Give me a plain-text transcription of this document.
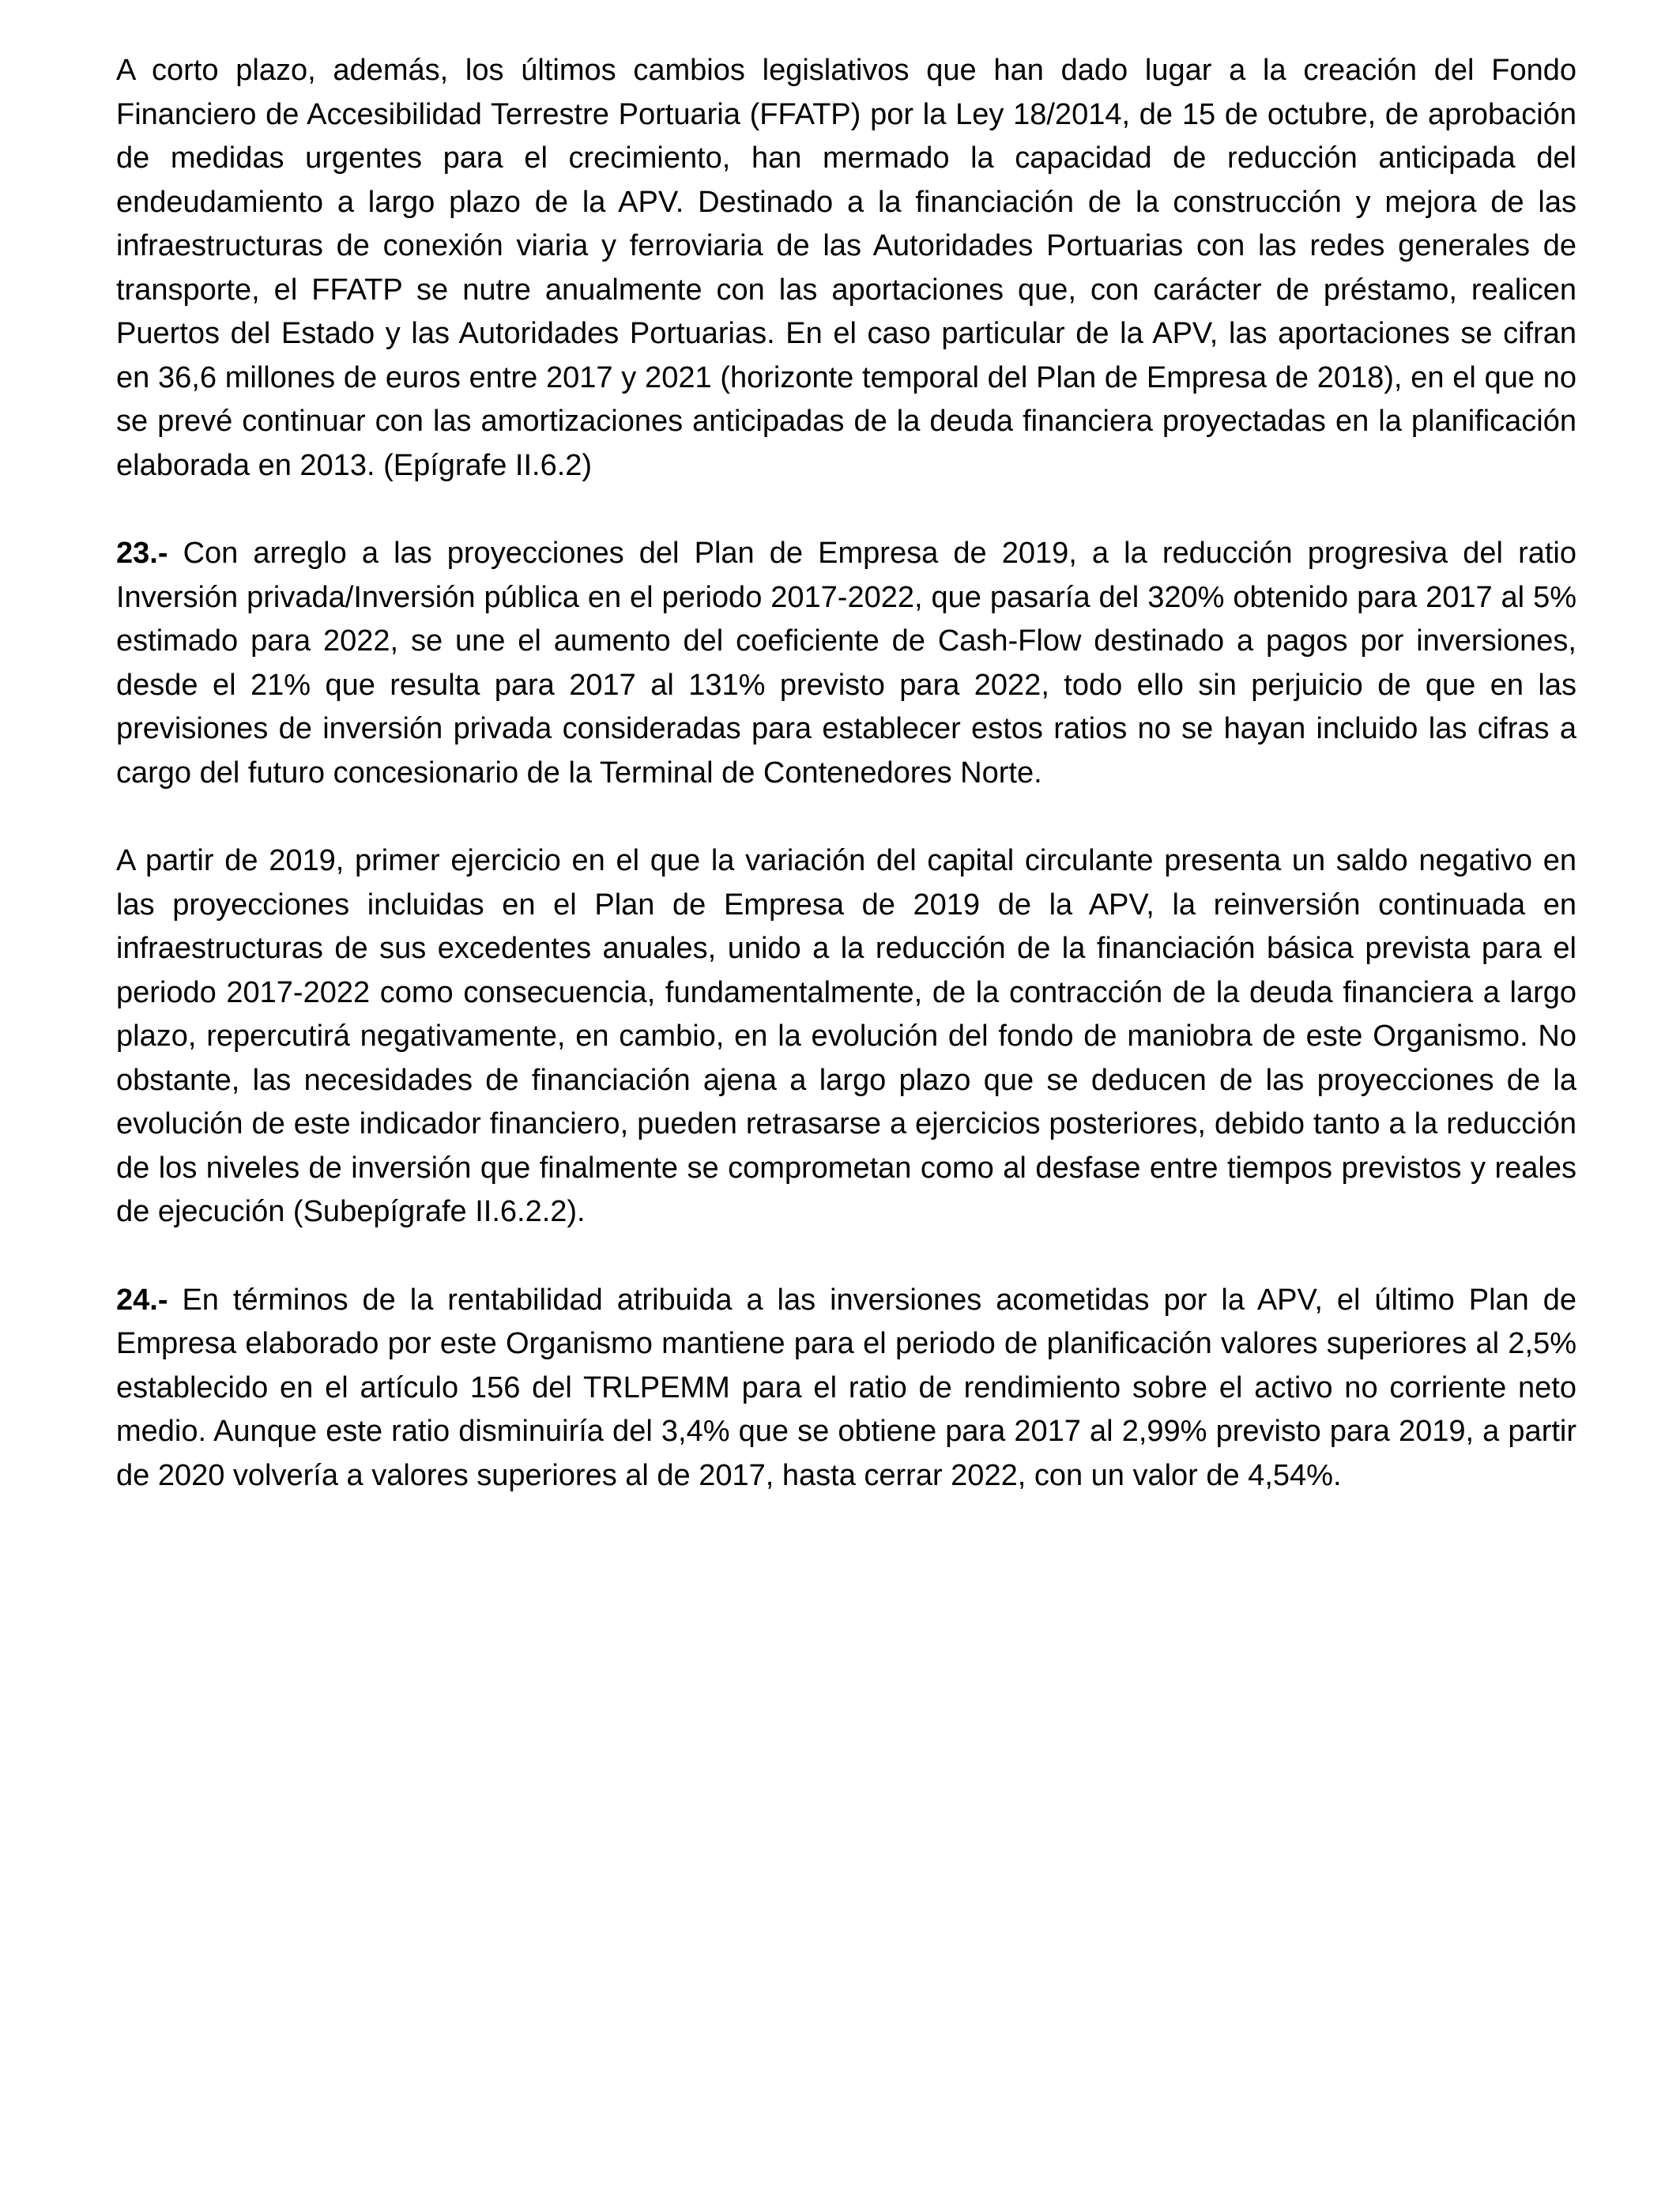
A corto plazo, además, los últimos cambios legislativos que han dado lugar a la creación del Fondo Financiero de Accesibilidad Terrestre Portuaria (FFATP) por la Ley 18/2014, de 15 de octubre, de aprobación de medidas urgentes para el crecimiento, han mermado la capacidad de reducción anticipada del endeudamiento a largo plazo de la APV. Destinado a la financiación de la construcción y mejora de las infraestructuras de conexión viaria y ferroviaria de las Autoridades Portuarias con las redes generales de transporte, el FFATP se nutre anualmente con las aportaciones que, con carácter de préstamo, realicen Puertos del Estado y las Autoridades Portuarias. En el caso particular de la APV, las aportaciones se cifran en 36,6 millones de euros entre 2017 y 2021 (horizonte temporal del Plan de Empresa de 2018), en el que no se prevé continuar con las amortizaciones anticipadas de la deuda financiera proyectadas en la planificación elaborada en 2013. (Epígrafe II.6.2)

23.- Con arreglo a las proyecciones del Plan de Empresa de 2019, a la reducción progresiva del ratio Inversión privada/Inversión pública en el periodo 2017-2022, que pasaría del 320% obtenido para 2017 al 5% estimado para 2022, se une el aumento del coeficiente de Cash-Flow destinado a pagos por inversiones, desde el 21% que resulta para 2017 al 131% previsto para 2022, todo ello sin perjuicio de que en las previsiones de inversión privada consideradas para establecer estos ratios no se hayan incluido las cifras a cargo del futuro concesionario de la Terminal de Contenedores Norte.

A partir de 2019, primer ejercicio en el que la variación del capital circulante presenta un saldo negativo en las proyecciones incluidas en el Plan de Empresa de 2019 de la APV, la reinversión continuada en infraestructuras de sus excedentes anuales, unido a la reducción de la financiación básica prevista para el periodo 2017-2022 como consecuencia, fundamentalmente, de la contracción de la deuda financiera a largo plazo, repercutirá negativamente, en cambio, en la evolución del fondo de maniobra de este Organismo. No obstante, las necesidades de financiación ajena a largo plazo que se deducen de las proyecciones de la evolución de este indicador financiero, pueden retrasarse a ejercicios posteriores, debido tanto a la reducción de los niveles de inversión que finalmente se comprometan como al desfase entre tiempos previstos y reales de ejecución (Subepígrafe II.6.2.2).

24.- En términos de la rentabilidad atribuida a las inversiones acometidas por la APV, el último Plan de Empresa elaborado por este Organismo mantiene para el periodo de planificación valores superiores al 2,5% establecido en el artículo 156 del TRLPEMM para el ratio de rendimiento sobre el activo no corriente neto medio. Aunque este ratio disminuiría del 3,4% que se obtiene para 2017 al 2,99% previsto para 2019, a partir de 2020 volvería a valores superiores al de 2017, hasta cerrar 2022, con un valor de 4,54%.
